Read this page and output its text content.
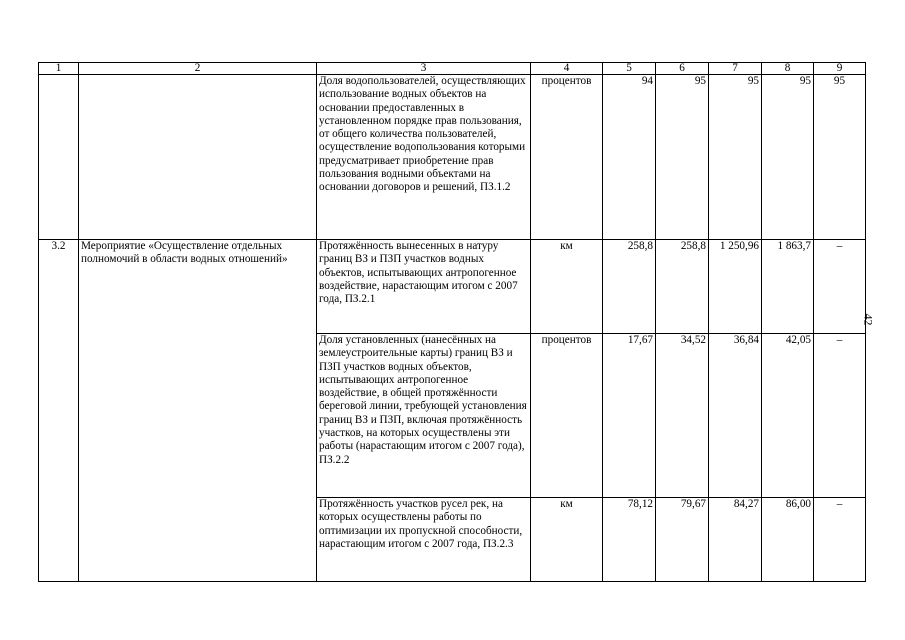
1	2	3	4	5	6	7	8	9
		Доля водопользователей, осуществляющих использование водных объектов на основании предоставленных в установленном порядке прав пользования, от общего количества пользователей, осуществление водопользования которыми предусматривает приобретение прав пользования водными объектами на основании договоров и решений, ПЗ.1.2	процентов	94	95	95	95	95
3.2	Мероприятие «Осуществление отдельных полномочий в области водных отношений»	Протяжённость вынесенных в натуру границ ВЗ и ПЗП участков водных объектов, испытывающих антропогенное воздействие, нарастающим итогом с 2007 года, ПЗ.2.1	км	258,8	258,8	1 250,96	1 863,7	–
		Доля установленных (нанесённых на землеустроительные карты) границ ВЗ и ПЗП участков водных объектов, испытывающих антропогенное воздействие, в общей протяжённости береговой линии, требующей установления границ ВЗ и ПЗП, включая протяжённость участков, на которых осуществлены эти работы (нарастающим итогом с 2007 года), ПЗ.2.2	процентов	17,67	34,52	36,84	42,05	–
		Протяжённость участков русел рек, на которых осуществлены работы по оптимизации их пропускной способности, нарастающим итогом с 2007 года, ПЗ.2.3	км	78,12	79,67	84,27	86,00	–
42
